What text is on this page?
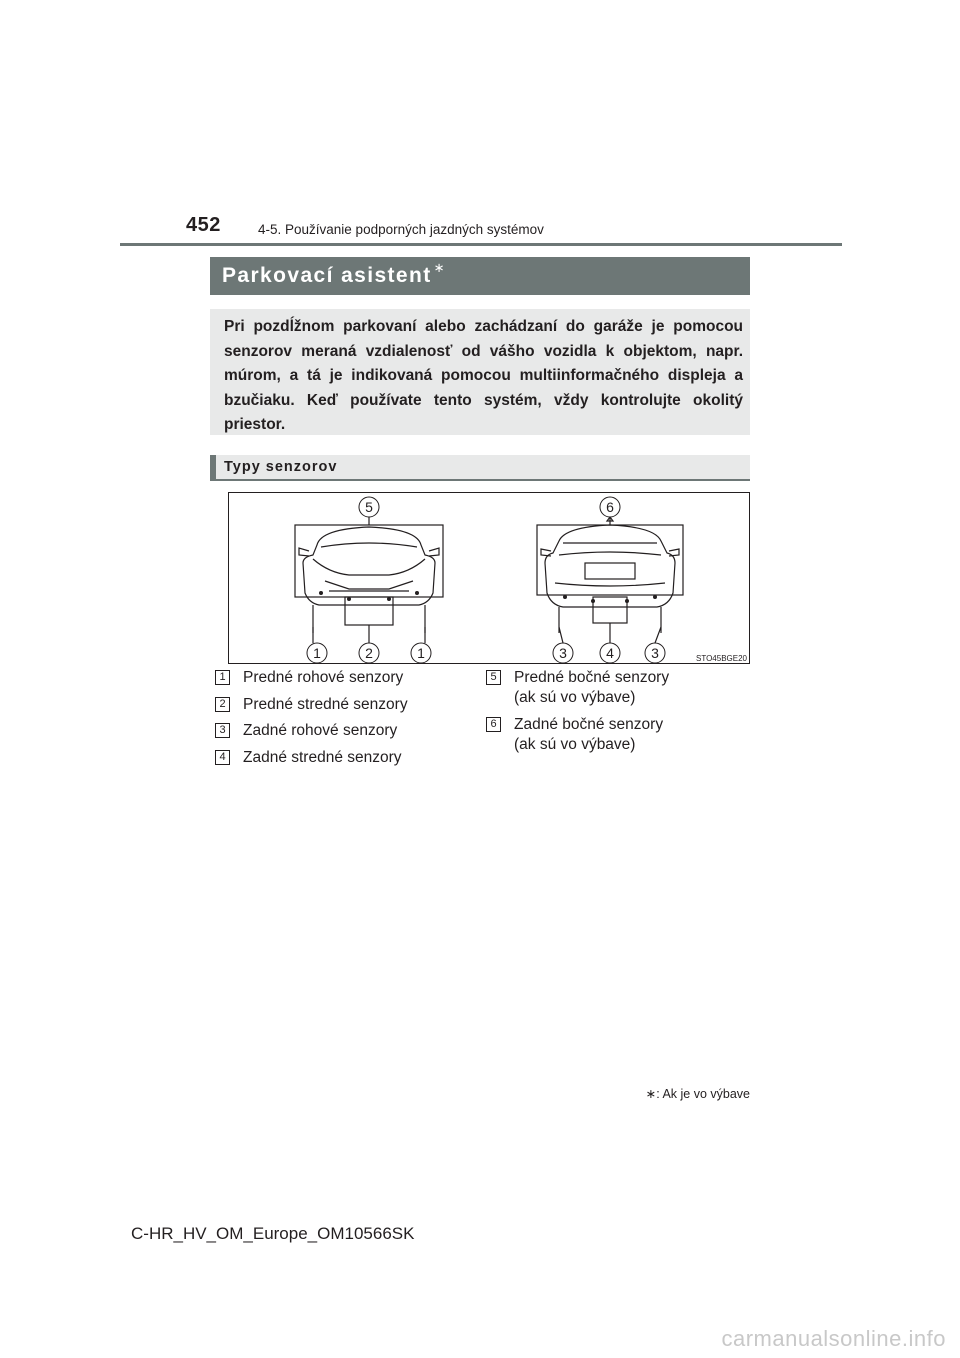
452	4-5. Používanie podporných jazdných systémov
Parkovací asistent ∗

Pri pozdĺžnom parkovaní alebo zachádzaní do garáže je pomocou senzorov meraná vzdialenosť od vášho vozidla k objektom, napr. múrom, a tá je indikovaná pomocou multiinformačného displeja a bzučiaku. Keď používate tento systém, vždy kontrolujte okolitý priestor.

Typy senzorov
5	6
1	2	1	3	4	3	STO45BGE20
1 Predné rohové senzory
2 Predné stredné senzory
3 Zadné rohové senzory
4 Zadné stredné senzory
5 Predné bočné senzory
(ak sú vo výbave)
6 Zadné bočné senzory
(ak sú vo výbave)
∗: Ak je vo výbave
C-HR_HV_OM_Europe_OM10566SK
carmanualsonline.info
